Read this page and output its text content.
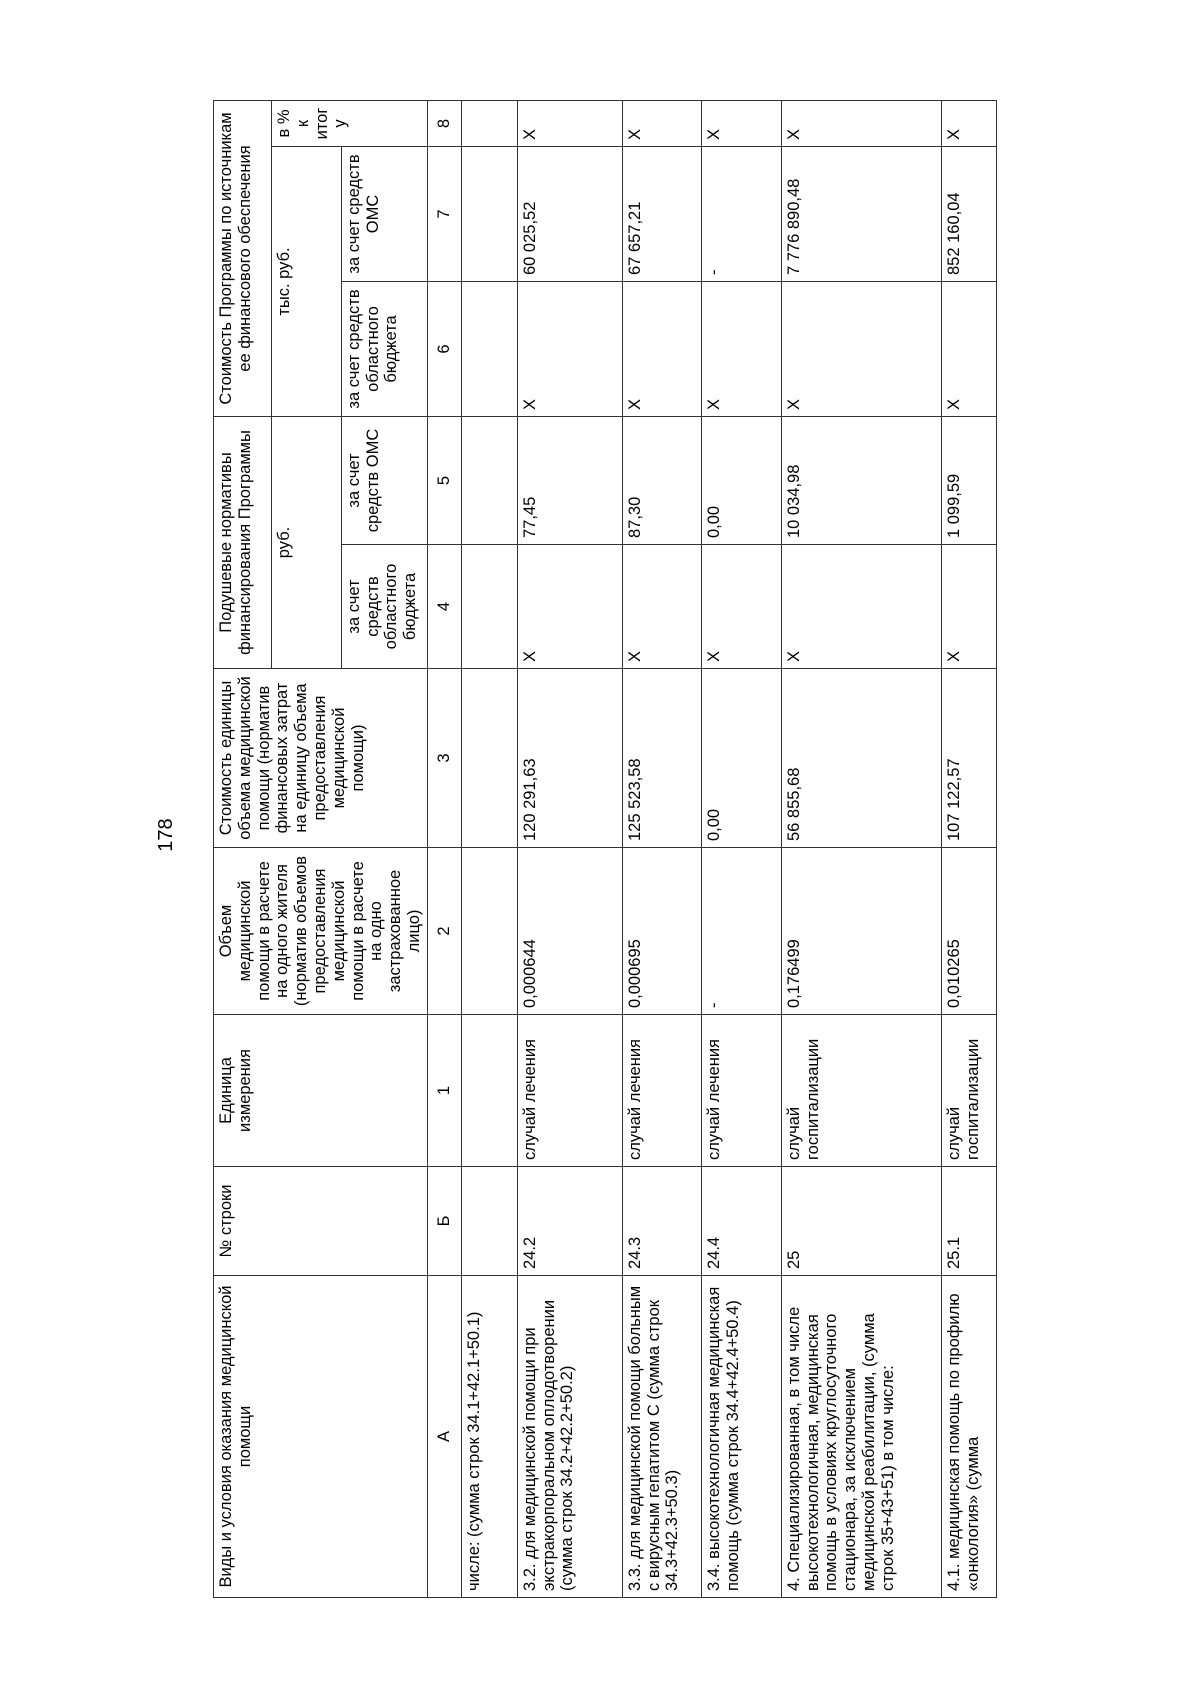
178
Виды и условия оказания медицинской помощи	№ строки	Единица измерения	Объем медицинской помощи в расчете на одного жителя (норматив объемов предоставления медицинской помощи в расчете на одно застрахованное лицо)	Стоимость единицы объема медицинской помощи (норматив финансовых затрат на единицу объема предоставления медицинской помощи)	Подушевые нормативы финансирования Программы		Стоимость Программы по источникам ее финансового обеспечения		
					руб.		тыс. руб.		в % к итогу
					за счет средств областного бюджета	за счет средств ОМС	за счет средств областного бюджета	за счет средств ОМС	
А	Б	1	2	3	4	5	6	7	8
числе: (сумма строк 34.1+42.1+50.1)									
3.2. для медицинской помощи при экстракорпоральном оплодотворении (сумма строк 34.2+42.2+50.2)	24.2	случай лечения	0,000644	120 291,63	X	77,45	X	60 025,52	X
3.3. для медицинской помощи больным с вирусным гепатитом С (сумма строк 34.3+42.3+50.3)	24.3	случай лечения	0,000695	125 523,58	X	87,30	X	67 657,21	X
3.4. высокотехнологичная медицинская помощь (сумма строк 34.4+42.4+50.4)	24.4	случай лечения	-	0,00	X	0,00	X	-	X
4. Специализированная, в том числе высокотехнологичная, медицинская помощь в условиях круглосуточного стационара, за исключением медицинской реабилитации, (сумма строк 35+43+51) в том числе:	25	случай госпитализации	0,176499	56 855,68	X	10 034,98	X	7 776 890,48	X
4.1. медицинская помощь по профилю «онкология» (сумма	25.1	случай госпитализации	0,010265	107 122,57	X	1 099,59	X	852 160,04	X
